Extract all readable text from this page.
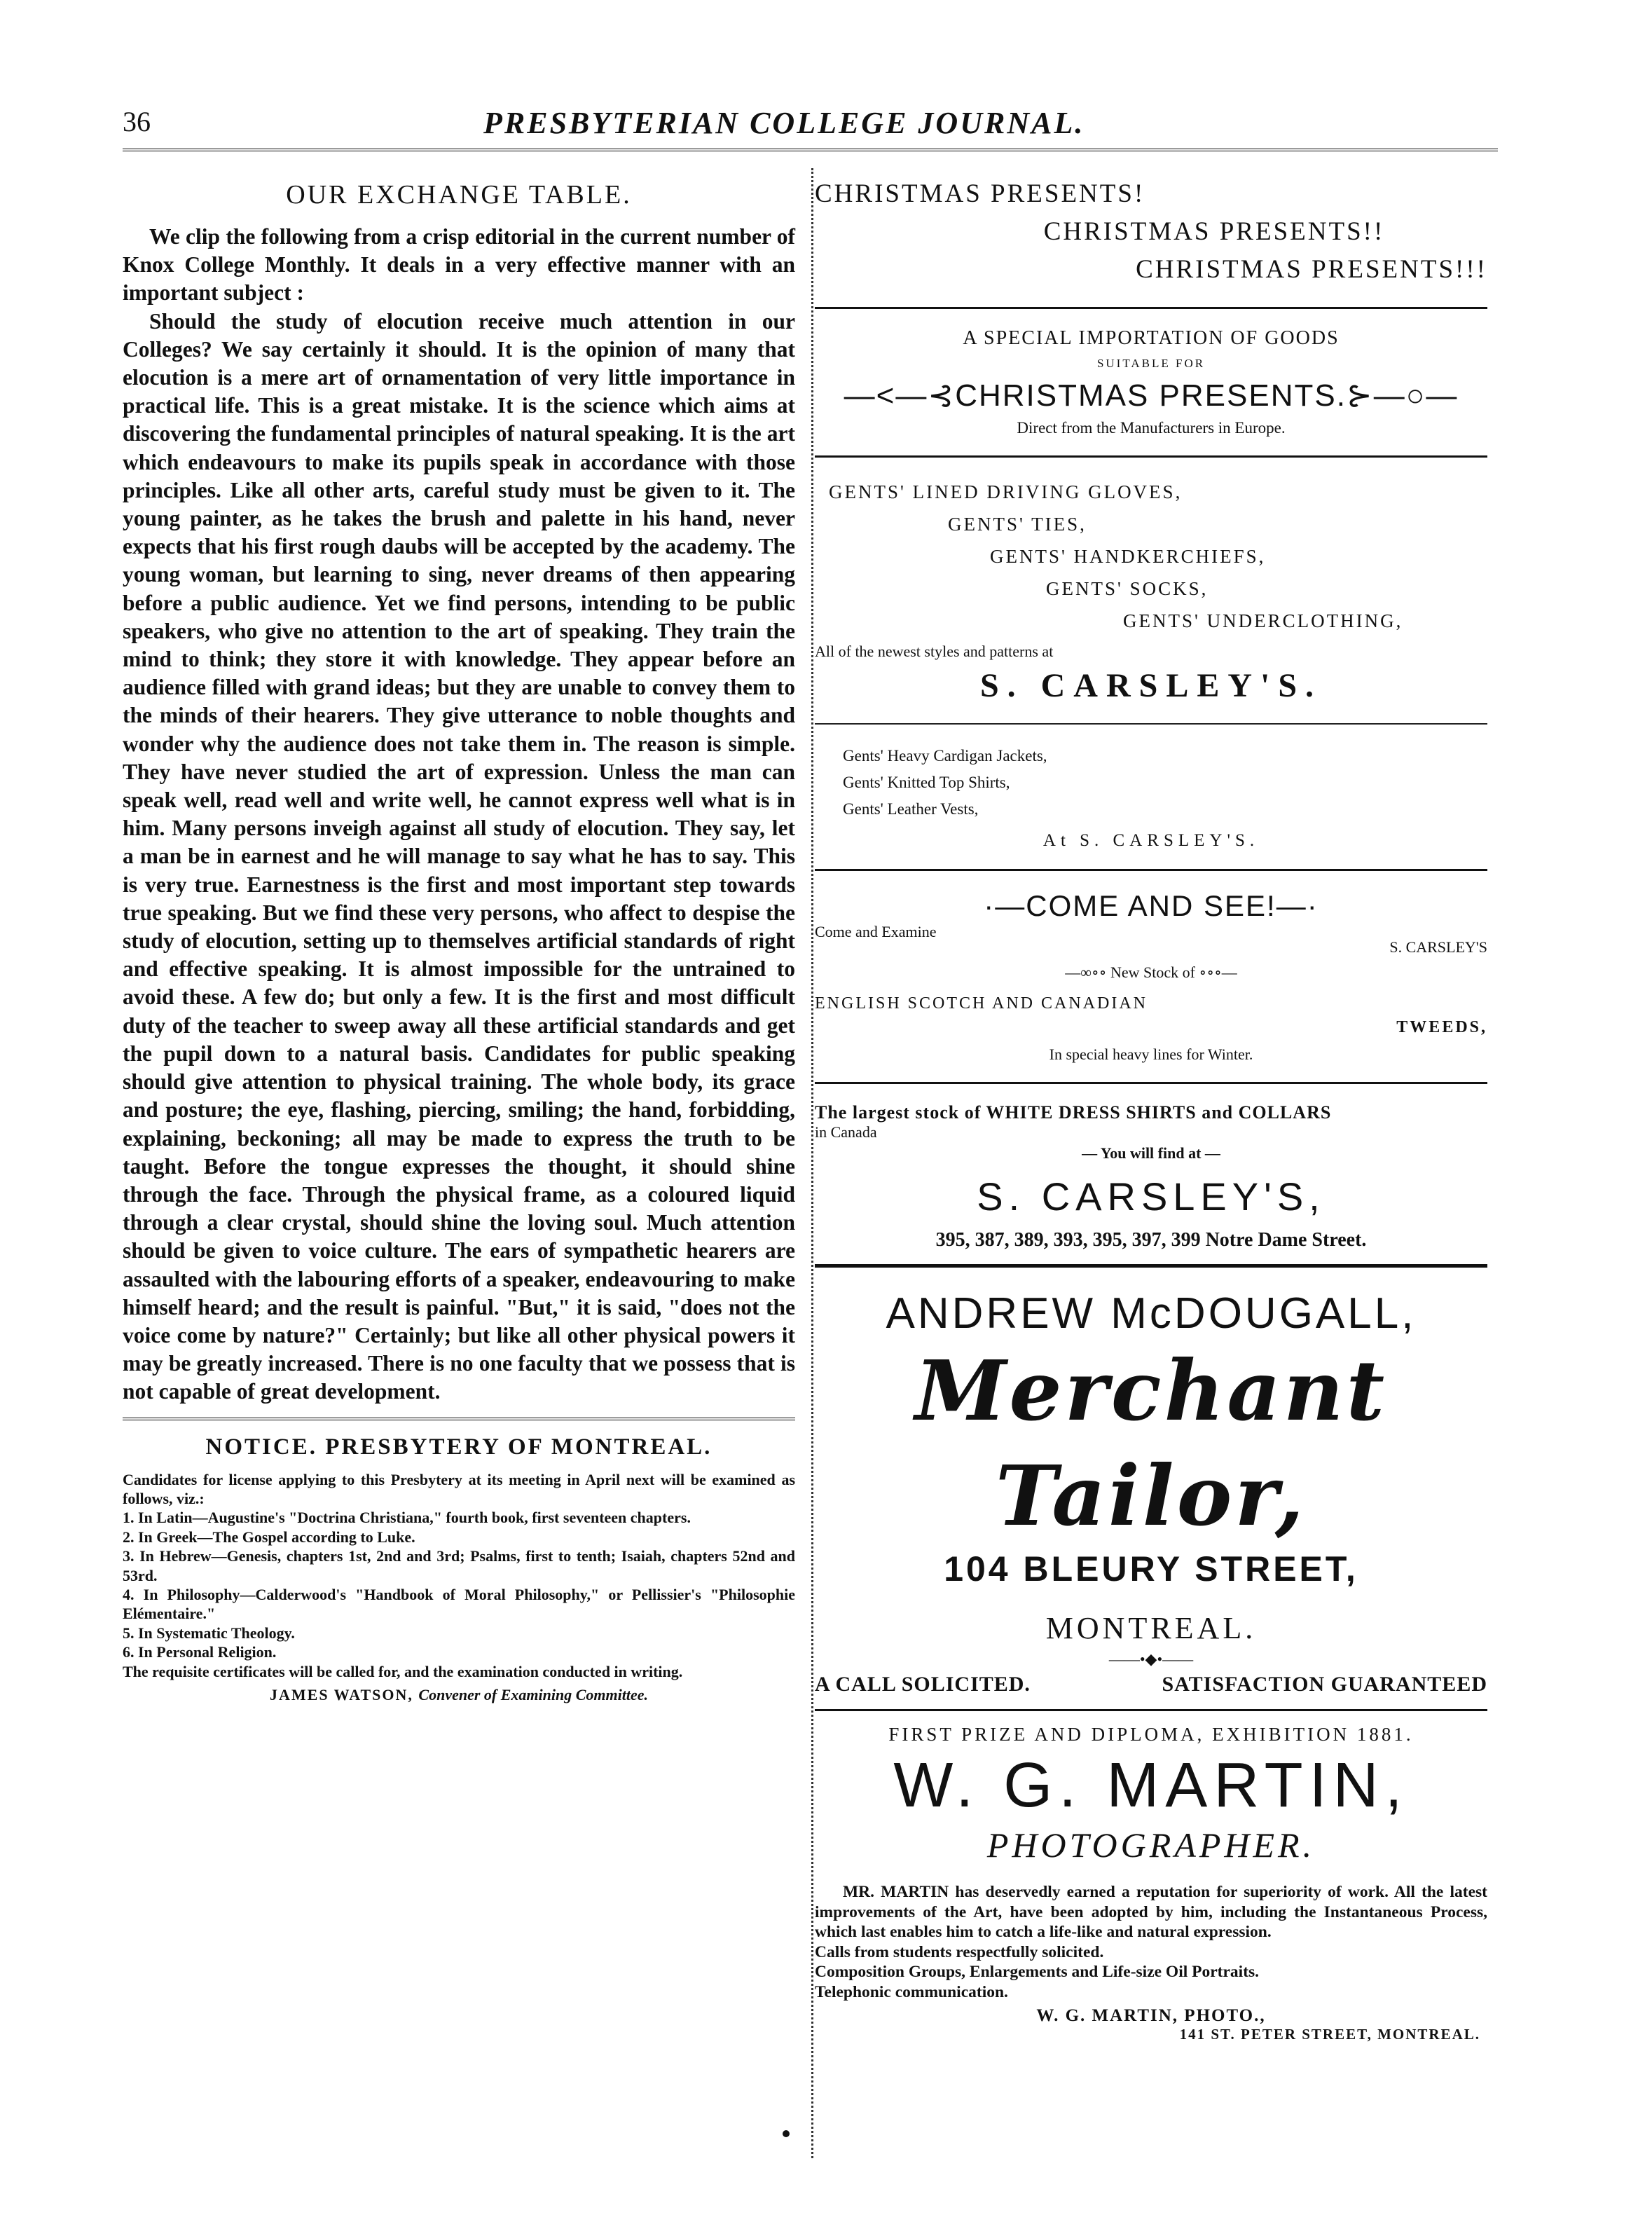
36	PRESBYTERIAN COLLEGE JOURNAL.
OUR EXCHANGE TABLE.

We clip the following from a crisp editorial in the current number of Knox College Monthly. It deals in a very effective manner with an important subject :

Should the study of elocution receive much attention in our Colleges? We say certainly it should. It is the opinion of many that elocution is a mere art of ornamentation of very little importance in practical life. This is a great mistake. It is the science which aims at discovering the fundamental principles of natural speaking. It is the art which endeavours to make its pupils speak in accordance with those principles. Like all other arts, careful study must be given to it. The young painter, as he takes the brush and palette in his hand, never expects that his first rough daubs will be accepted by the academy. The young woman, but learning to sing, never dreams of then appearing before a public audience. Yet we find persons, intending to be public speakers, who give no attention to the art of speaking. They train the mind to think; they store it with knowledge. They appear before an audience filled with grand ideas; but they are unable to convey them to the minds of their hearers. They give utterance to noble thoughts and wonder why the audience does not take them in. The reason is simple. They have never studied the art of expression. Unless the man can speak well, read well and write well, he cannot express well what is in him. Many persons inveigh against all study of elocution. They say, let a man be in earnest and he will manage to say what he has to say. This is very true. Earnestness is the first and most important step towards true speaking. But we find these very persons, who affect to despise the study of elocution, setting up to themselves artificial standards of right and effective speaking. It is almost impossible for the untrained to avoid these. A few do; but only a few. It is the first and most difficult duty of the teacher to sweep away all these artificial standards and get the pupil down to a natural basis. Candidates for public speaking should give attention to physical training. The whole body, its grace and posture; the eye, flashing, piercing, smiling; the hand, forbidding, explaining, beckoning; all may be made to express the truth to be taught. Before the tongue expresses the thought, it should shine through the face. Through the physical frame, as a coloured liquid through a clear crystal, should shine the loving soul. Much attention should be given to voice culture. The ears of sympathetic hearers are assaulted with the labouring efforts of a speaker, endeavouring to make himself heard; and the result is painful. "But," it is said, "does not the voice come by nature?" Certainly; but like all other physical powers it may be greatly increased. There is no one faculty that we possess that is not capable of great development.

NOTICE. PRESBYTERY OF MONTREAL.

Candidates for license applying to this Presbytery at its meeting in April next will be examined as follows, viz.:

1. In Latin—Augustine's "Doctrina Christiana," fourth book, first seventeen chapters.

2. In Greek—The Gospel according to Luke.

3. In Hebrew—Genesis, chapters 1st, 2nd and 3rd; Psalms, first to tenth; Isaiah, chapters 52nd and 53rd.

4. In Philosophy—Calderwood's "Handbook of Moral Philosophy," or Pellissier's "Philosophie Elémentaire."

5. In Systematic Theology.

6. In Personal Religion.

The requisite certificates will be called for, and the examination conducted in writing.

JAMES WATSON, Convener of Examining Committee.
CHRISTMAS PRESENTS!
CHRISTMAS PRESENTS!!
CHRISTMAS PRESENTS!!!
A SPECIAL IMPORTATION OF GOODS
SUITABLE FOR
—<—⊰CHRISTMAS PRESENTS.⊱—○—
Direct from the Manufacturers in Europe.
GENTS' LINED DRIVING GLOVES,
GENTS' TIES,
GENTS' HANDKERCHIEFS,
GENTS' SOCKS,
GENTS' UNDERCLOTHING,
All of the newest styles and patterns at
S. CARSLEY'S.
Gents' Heavy Cardigan Jackets,
Gents' Knitted Top Shirts,
Gents' Leather Vests,
At S. CARSLEY'S.
·—COME AND SEE!—·
Come and Examine
S. CARSLEY'S
—∞∘∘ New Stock of ∘∘∘—
ENGLISH SCOTCH AND CANADIAN
TWEEDS,
In special heavy lines for Winter.
The largest stock of WHITE DRESS SHIRTS and COLLARS
in Canada
— You will find at —
S. CARSLEY'S,
395, 387, 389, 393, 395, 397, 399 Notre Dame Street.
ANDREW McDOUGALL,
Merchant Tailor,
104 BLEURY STREET,
MONTREAL.
——•◆•——
A CALL SOLICITED.	SATISFACTION GUARANTEED
FIRST PRIZE AND DIPLOMA, EXHIBITION 1881.
W. G. MARTIN,
PHOTOGRAPHER.

MR. MARTIN has deservedly earned a reputation for superiority of work. All the latest improvements of the Art, have been adopted by him, including the Instantaneous Process, which last enables him to catch a life-like and natural expression.

Calls from students respectfully solicited.

Composition Groups, Enlargements and Life-size Oil Portraits.

Telephonic communication.

W. G. MARTIN, PHOTO.,
141 ST. PETER STREET, MONTREAL.
